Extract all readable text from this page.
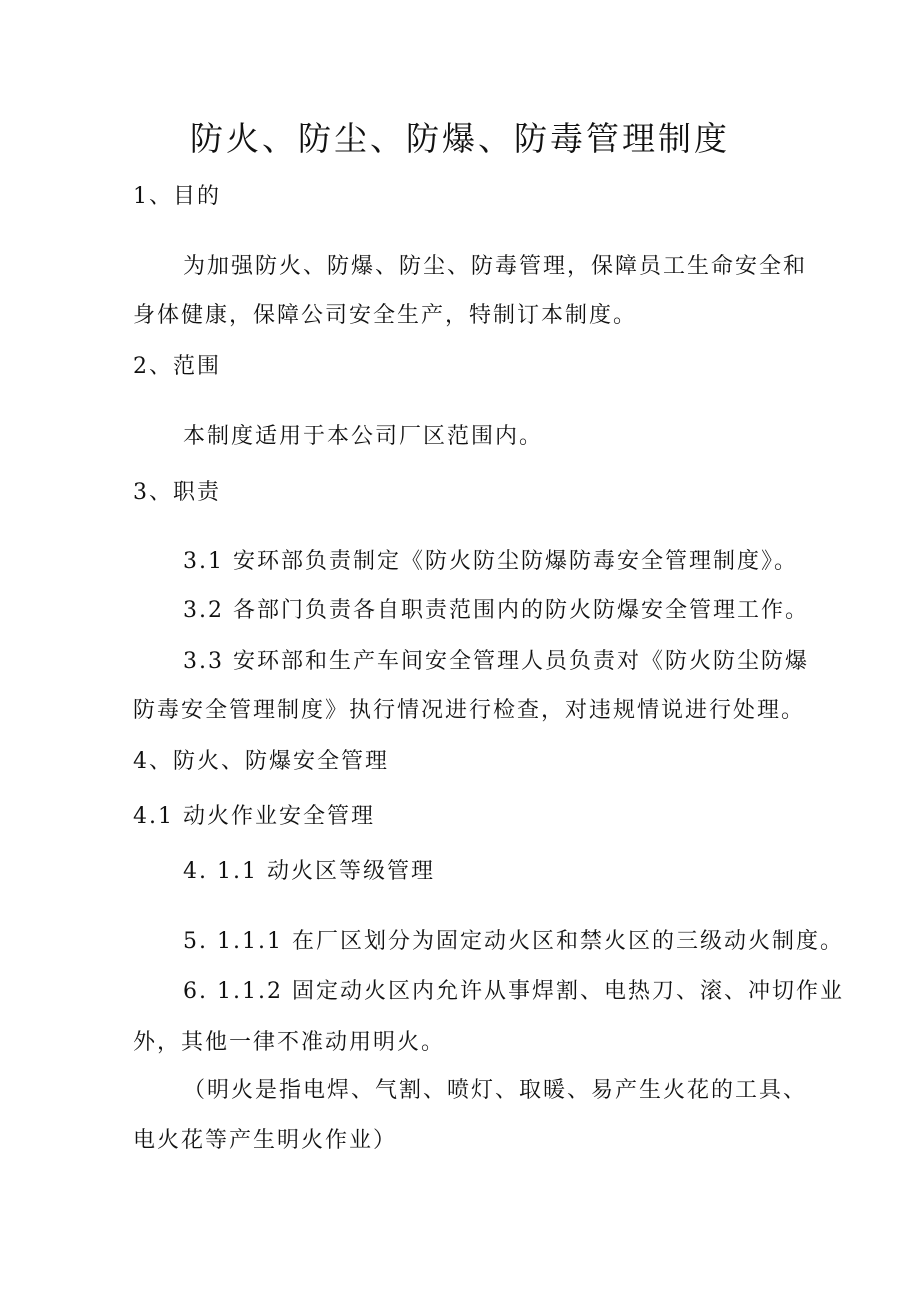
防火、防尘、防爆、防毒管理制度
1、目的
为加强防火、防爆、防尘、防毒管理，保障员工生命安全和
身体健康，保障公司安全生产，特制订本制度。
2、范围
本制度适用于本公司厂区范围内。
3、职责
3.1 安环部负责制定《防火防尘防爆防毒安全管理制度》。
3.2 各部门负责各自职责范围内的防火防爆安全管理工作。
3.3 安环部和生产车间安全管理人员负责对《防火防尘防爆
防毒安全管理制度》执行情况进行检查，对违规情说进行处理。
4、防火、防爆安全管理
4.1 动火作业安全管理
4. 1.1 动火区等级管理
5. 1.1.1 在厂区划分为固定动火区和禁火区的三级动火制度。
6. 1.1.2 固定动火区内允许从事焊割、电热刀、滚、冲切作业
外，其他一律不准动用明火。
（明火是指电焊、气割、喷灯、取暖、易产生火花的工具、
电火花等产生明火作业）
